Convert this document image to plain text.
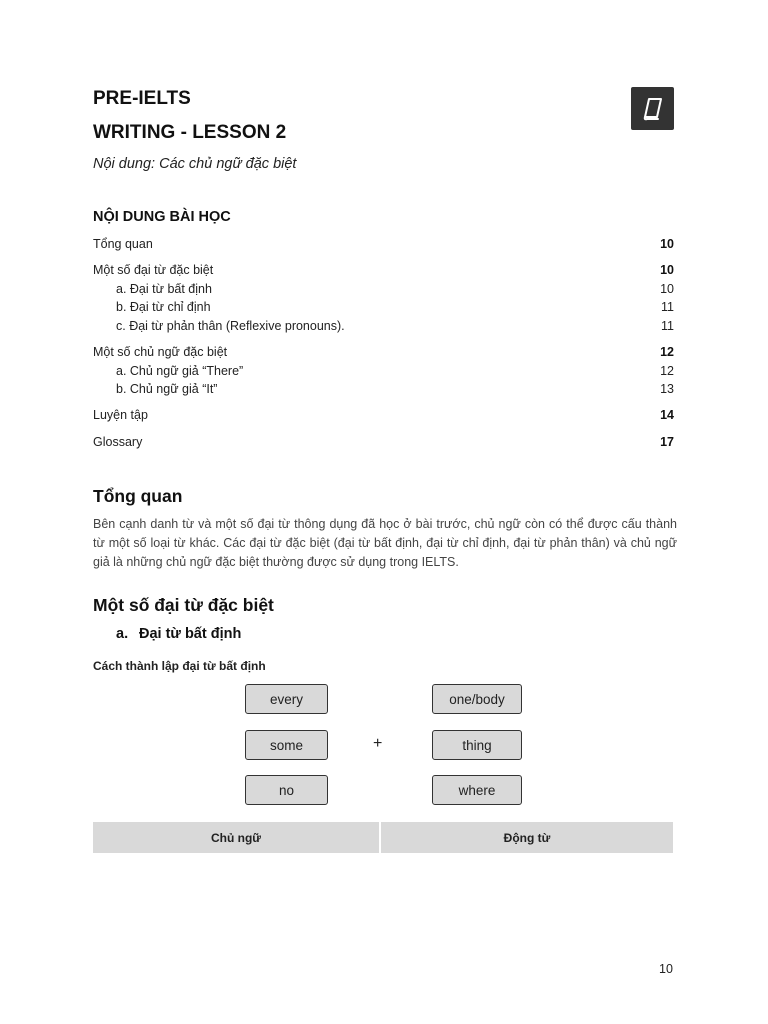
PRE-IELTS
WRITING - LESSON 2
Nội dung: Các chủ ngữ đặc biệt
NỘI DUNG BÀI HỌC
Tổng quan	10
Một số đại từ đặc biệt	10
a. Đại từ bất định	10
b. Đại từ chỉ định	11
c. Đại từ phản thân (Reflexive pronouns).	11
Một số chủ ngữ đặc biệt	12
a. Chủ ngữ giả “There”	12
b. Chủ ngữ giả “It”	13
Luyện tập	14
Glossary	17
Tổng quan
Bên cạnh danh từ và một số đại từ thông dụng đã học ở bài trước, chủ ngữ còn có thể được cấu thành từ một số loại từ khác. Các đại từ đặc biệt (đại từ bất định, đại từ chỉ định, đại từ phản thân) và chủ ngữ giả là những chủ ngữ đặc biệt thường được sử dụng trong IELTS.
Một số đại từ đặc biệt
a. Đại từ bất định
Cách thành lập đại từ bất định
every
some
no
+
one/body
thing
where
Chủ ngữ	Động từ
10
